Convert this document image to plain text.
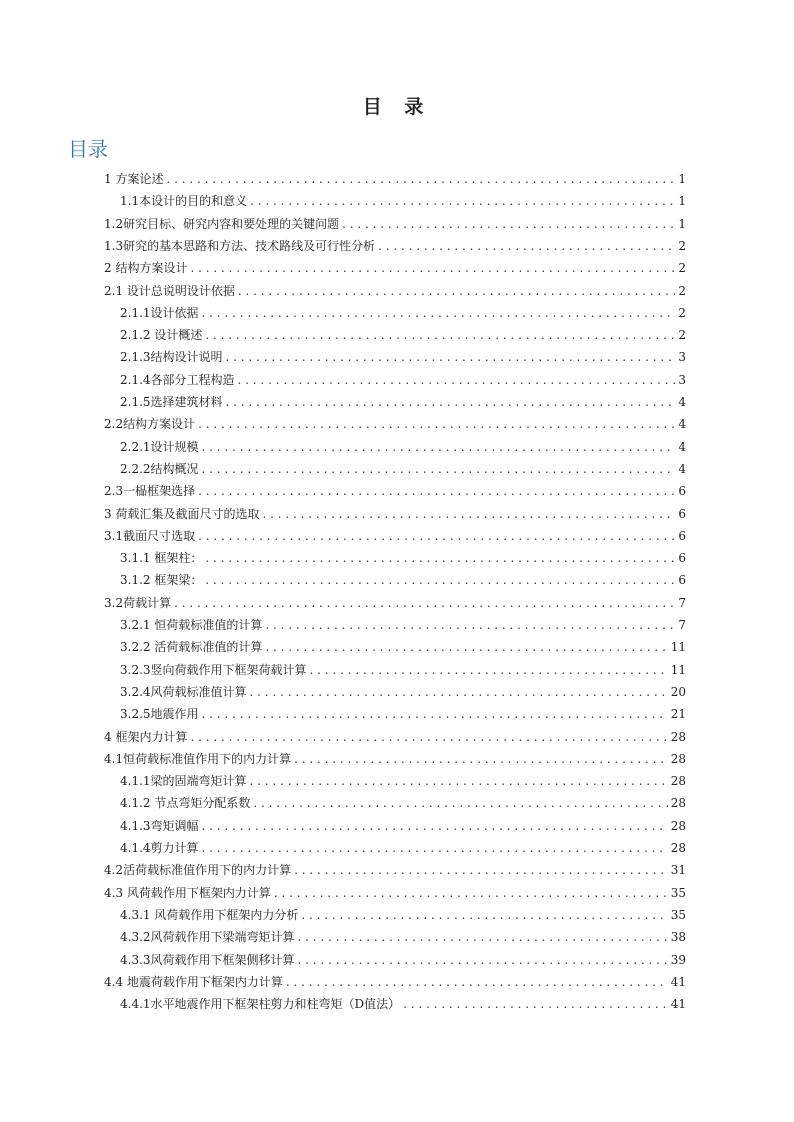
目 录
目录
1 方案论述 . . .	1
1.1本设计的目的和意义 . . .	1
1.2研究目标、研究内容和要处理的关键问题 . . .	1
1.3研究的基本思路和方法、技术路线及可行性分析 . . .	2
2 结构方案设计 . . .	2
2.1 设计总说明设计依据 . . .	2
2.1.1设计依据 . . .	2
2.1.2 设计概述 . . .	2
2.1.3结构设计说明 . . .	3
2.1.4各部分工程构造 . . .	3
2.1.5选择建筑材料 . . .	4
2.2结构方案设计 . . .	4
2.2.1设计规模 . . .	4
2.2.2结构概况 . . .	4
2.3一榀框架选择 . . .	6
3 荷载汇集及截面尺寸的选取 . . .	6
3.1截面尺寸选取 . . .	6
3.1.1 框架柱： . . .	6
3.1.2 框架梁： . . .	6
3.2荷载计算 . . .	7
3.2.1 恒荷载标准值的计算 . . .	7
3.2.2 活荷载标准值的计算 . . .	11
3.2.3竖向荷载作用下框架荷载计算 . . .	11
3.2.4风荷载标准值计算 . . .	20
3.2.5地震作用 . . .	21
4 框架内力计算 . . .	28
4.1恒荷载标准值作用下的内力计算 . . .	28
4.1.1梁的固端弯矩计算 . . .	28
4.1.2 节点弯矩分配系数 . . .	28
4.1.3弯矩调幅 . . .	28
4.1.4剪力计算 . . .	28
4.2活荷载标准值作用下的内力计算 . . .	31
4.3 风荷载作用下框架内力计算 . . .	35
4.3.1 风荷载作用下框架内力分析 . . .	35
4.3.2风荷载作用下梁端弯矩计算 . . .	38
4.3.3风荷载作用下框架侧移计算 . . .	39
4.4 地震荷载作用下框架内力计算 . . .	41
4.4.1水平地震作用下框架柱剪力和柱弯矩（D值法） . . .	41
